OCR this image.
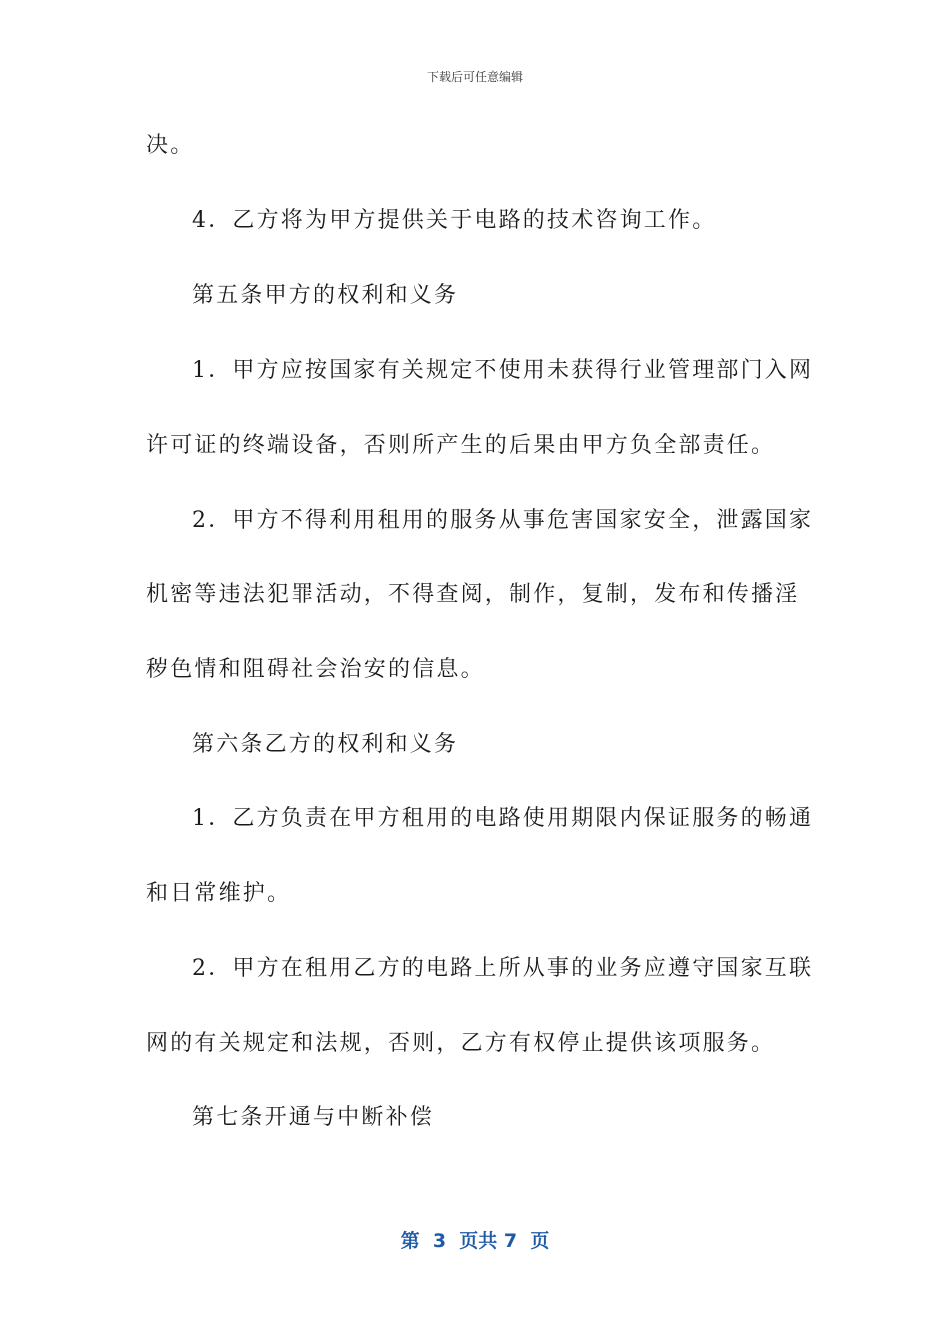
下载后可任意编辑
决。
4．乙方将为甲方提供关于电路的技术咨询工作。
第五条甲方的权利和义务
1．甲方应按国家有关规定不使用未获得行业管理部门入网
许可证的终端设备，否则所产生的后果由甲方负全部责任。
2．甲方不得利用租用的服务从事危害国家安全，泄露国家
机密等违法犯罪活动，不得查阅，制作，复制，发布和传播淫
秽色情和阻碍社会治安的信息。
第六条乙方的权利和义务
1．乙方负责在甲方租用的电路使用期限内保证服务的畅通
和日常维护。
2．甲方在租用乙方的电路上所从事的业务应遵守国家互联
网的有关规定和法规，否则，乙方有权停止提供该项服务。
第七条开通与中断补偿
第  3  页共 7  页
